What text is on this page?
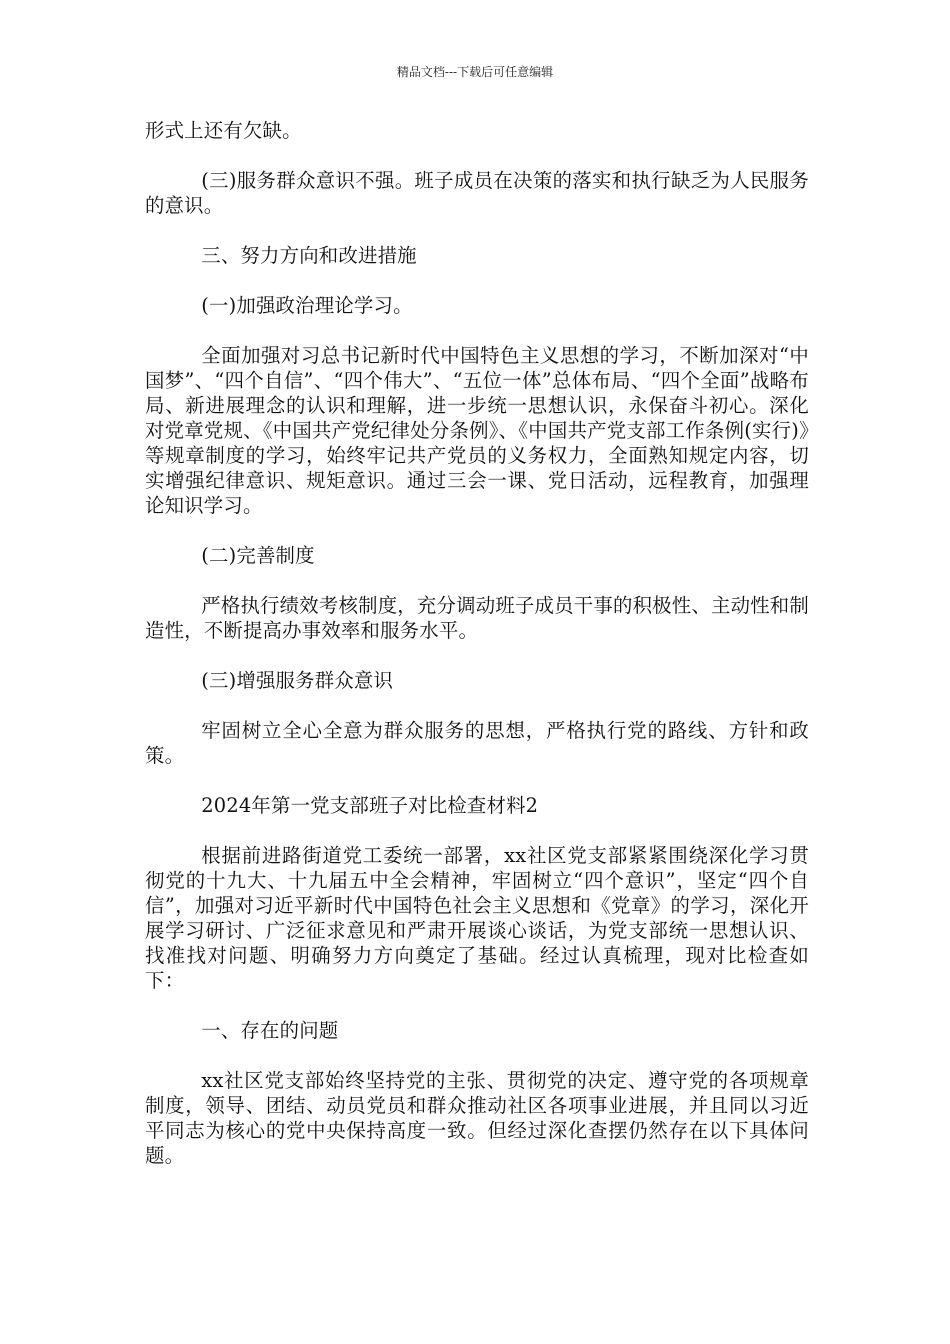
精品文档---下载后可任意编辑

形式上还有欠缺。

(三)服务群众意识不强。班子成员在决策的落实和执行缺乏为人民服务的意识。

三、努力方向和改进措施

(一)加强政治理论学习。

全面加强对习总书记新时代中国特色主义思想的学习，不断加深对“中国梦”、“四个自信”、“四个伟大”、“五位一体”总体布局、“四个全面”战略布局、新进展理念的认识和理解，进一步统一思想认识，永保奋斗初心。深化对党章党规、《中国共产党纪律处分条例》、《中国共产党支部工作条例(实行)》等规章制度的学习，始终牢记共产党员的义务权力，全面熟知规定内容，切实增强纪律意识、规矩意识。通过三会一课、党日活动，远程教育，加强理论知识学习。

(二)完善制度

严格执行绩效考核制度，充分调动班子成员干事的积极性、主动性和制造性，不断提高办事效率和服务水平。

(三)增强服务群众意识

牢固树立全心全意为群众服务的思想，严格执行党的路线、方针和政策。

2024年第一党支部班子对比检查材料2

根据前进路街道党工委统一部署，xx社区党支部紧紧围绕深化学习贯彻党的十九大、十九届五中全会精神，牢固树立“四个意识”，坚定“四个自信”，加强对习近平新时代中国特色社会主义思想和《党章》的学习，深化开展学习研讨、广泛征求意见和严肃开展谈心谈话，为党支部统一思想认识、找准找对问题、明确努力方向奠定了基础。经过认真梳理，现对比检查如下：

一、存在的问题

xx社区党支部始终坚持党的主张、贯彻党的决定、遵守党的各项规章制度，领导、团结、动员党员和群众推动社区各项事业进展，并且同以习近平同志为核心的党中央保持高度一致。但经过深化查摆仍然存在以下具体问题。
